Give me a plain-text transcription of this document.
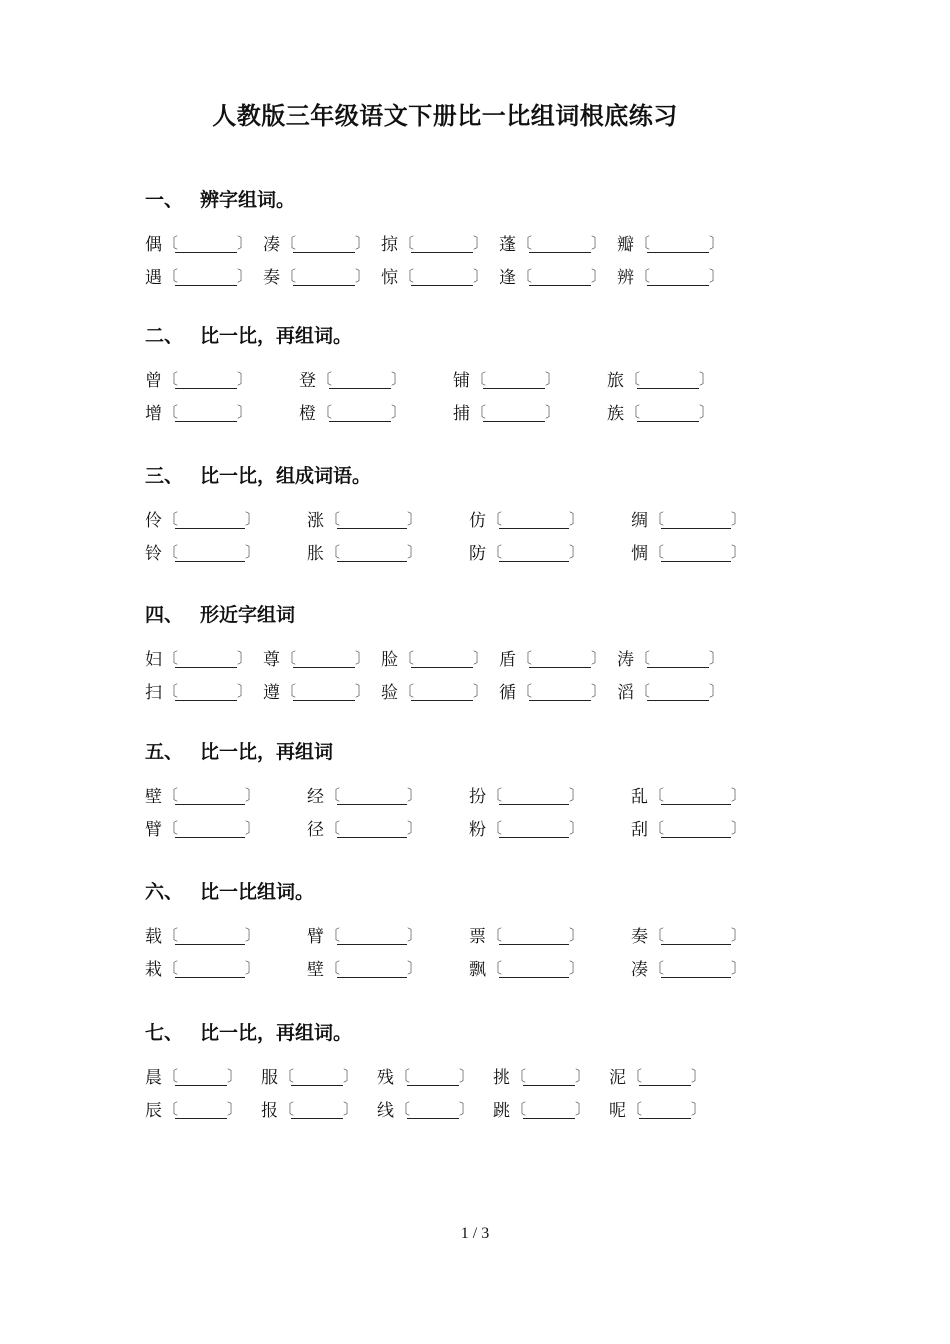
人教版三年级语文下册比一比组词根底练习
一、 辨字组词。
偶 〔	〕 凑 〔	〕 掠 〔	〕 蓬 〔	〕 瓣 〔	〕
遇 〔	〕 奏 〔	〕 惊 〔	〕 逢 〔	〕 辨 〔	〕
二、 比一比，再组词。
曾 〔	〕	登 〔	〕	铺 〔	〕	旅 〔	〕
增 〔	〕	橙 〔	〕	捕 〔	〕	族 〔	〕
三、 比一比，组成词语。
伶 〔	〕	涨 〔	〕	仿 〔	〕	绸 〔	〕
铃 〔	〕	胀 〔	〕	防 〔	〕	惆 〔	〕
四、 形近字组词
妇 〔	〕 尊 〔	〕 脸 〔	〕 盾 〔	〕 涛 〔	〕
扫 〔	〕 遵 〔	〕 验 〔	〕 循 〔	〕 滔 〔	〕
五、 比一比，再组词
壁 〔	〕	经 〔	〕	扮 〔	〕	乱 〔	〕
臂 〔	〕	径 〔	〕	粉 〔	〕	刮 〔	〕
六、 比一比组词。
载 〔	〕	臂 〔	〕	票 〔	〕	奏 〔	〕
栽 〔	〕	壁 〔	〕	飘 〔	〕	凑 〔	〕
七、 比一比，再组词。
晨 〔	〕 服 〔	〕 残 〔	〕 挑 〔	〕 泥 〔	〕
辰 〔	〕 报 〔	〕 线 〔	〕 跳 〔	〕 呢 〔	〕
1 / 3
